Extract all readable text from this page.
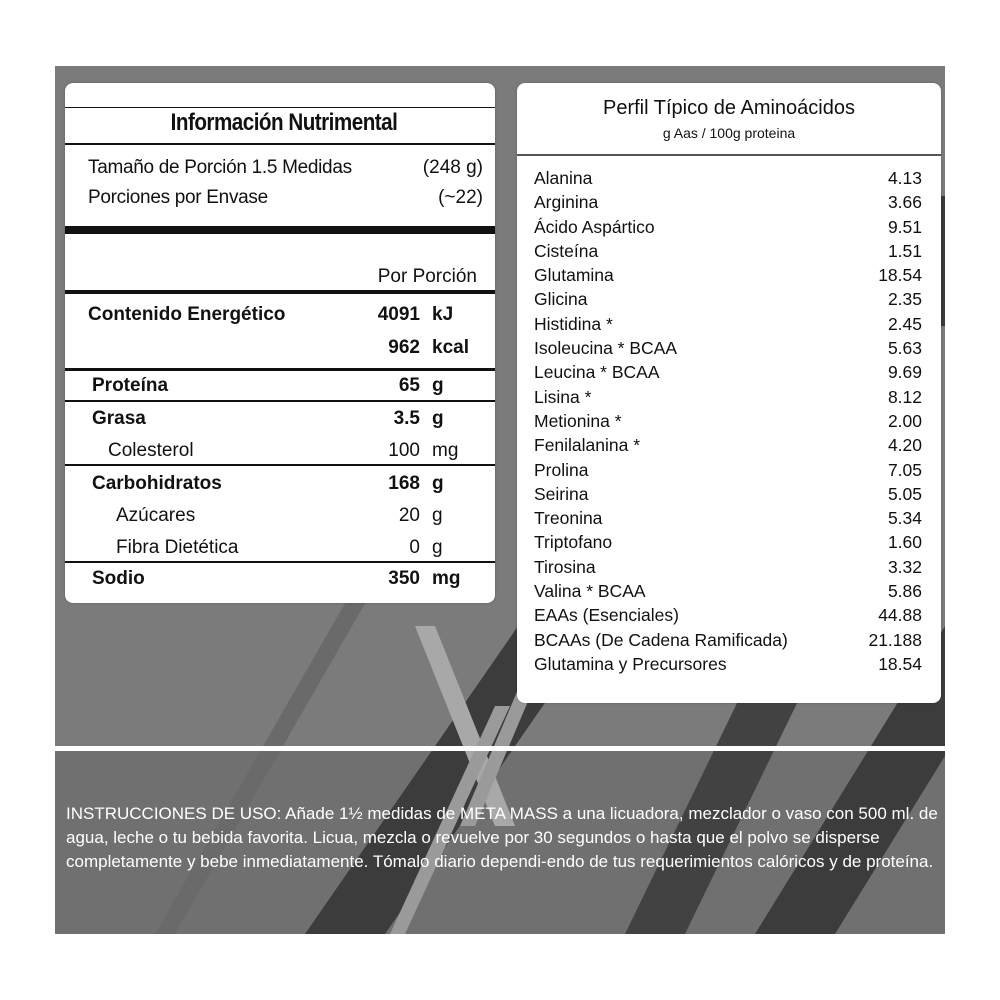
Información Nutrimental
Tamaño de Porción 1.5 Medidas	(248 g)
Porciones por Envase	(~22)
Por Porción
Contenido Energético	4091 kJ
962 kcal
Proteína	65 g
Grasa	3.5 g
Colesterol	100 mg
Carbohidratos	168 g
Azúcares	20 g
Fibra Dietética	0 g
Sodio	350 mg
Perfil Típico de Aminoácidos
g Aas / 100g proteina
Alanina	4.13
Arginina	3.66
Ácido Aspártico	9.51
Cisteína	1.51
Glutamina	18.54
Glicina	2.35
Histidina *	2.45
Isoleucina * BCAA	5.63
Leucina * BCAA	9.69
Lisina *	8.12
Metionina *	2.00
Fenilalanina *	4.20
Prolina	7.05
Seirina	5.05
Treonina	5.34
Triptofano	1.60
Tirosina	3.32
Valina * BCAA	5.86
EAAs (Esenciales)	44.88
BCAAs (De Cadena Ramificada)	21.188
Glutamina y Precursores	18.54
INSTRUCCIONES DE USO: Añade 1½ medidas de META MASS a una licuadora, mezclador o vaso con 500 ml. de agua, leche o tu bebida favorita. Licua, mezcla o revuelve por 30 segundos o hasta que el polvo se disperse completamente y bebe inmediatamente. Tómalo diario dependi-endo de tus requerimientos calóricos y de proteína.
